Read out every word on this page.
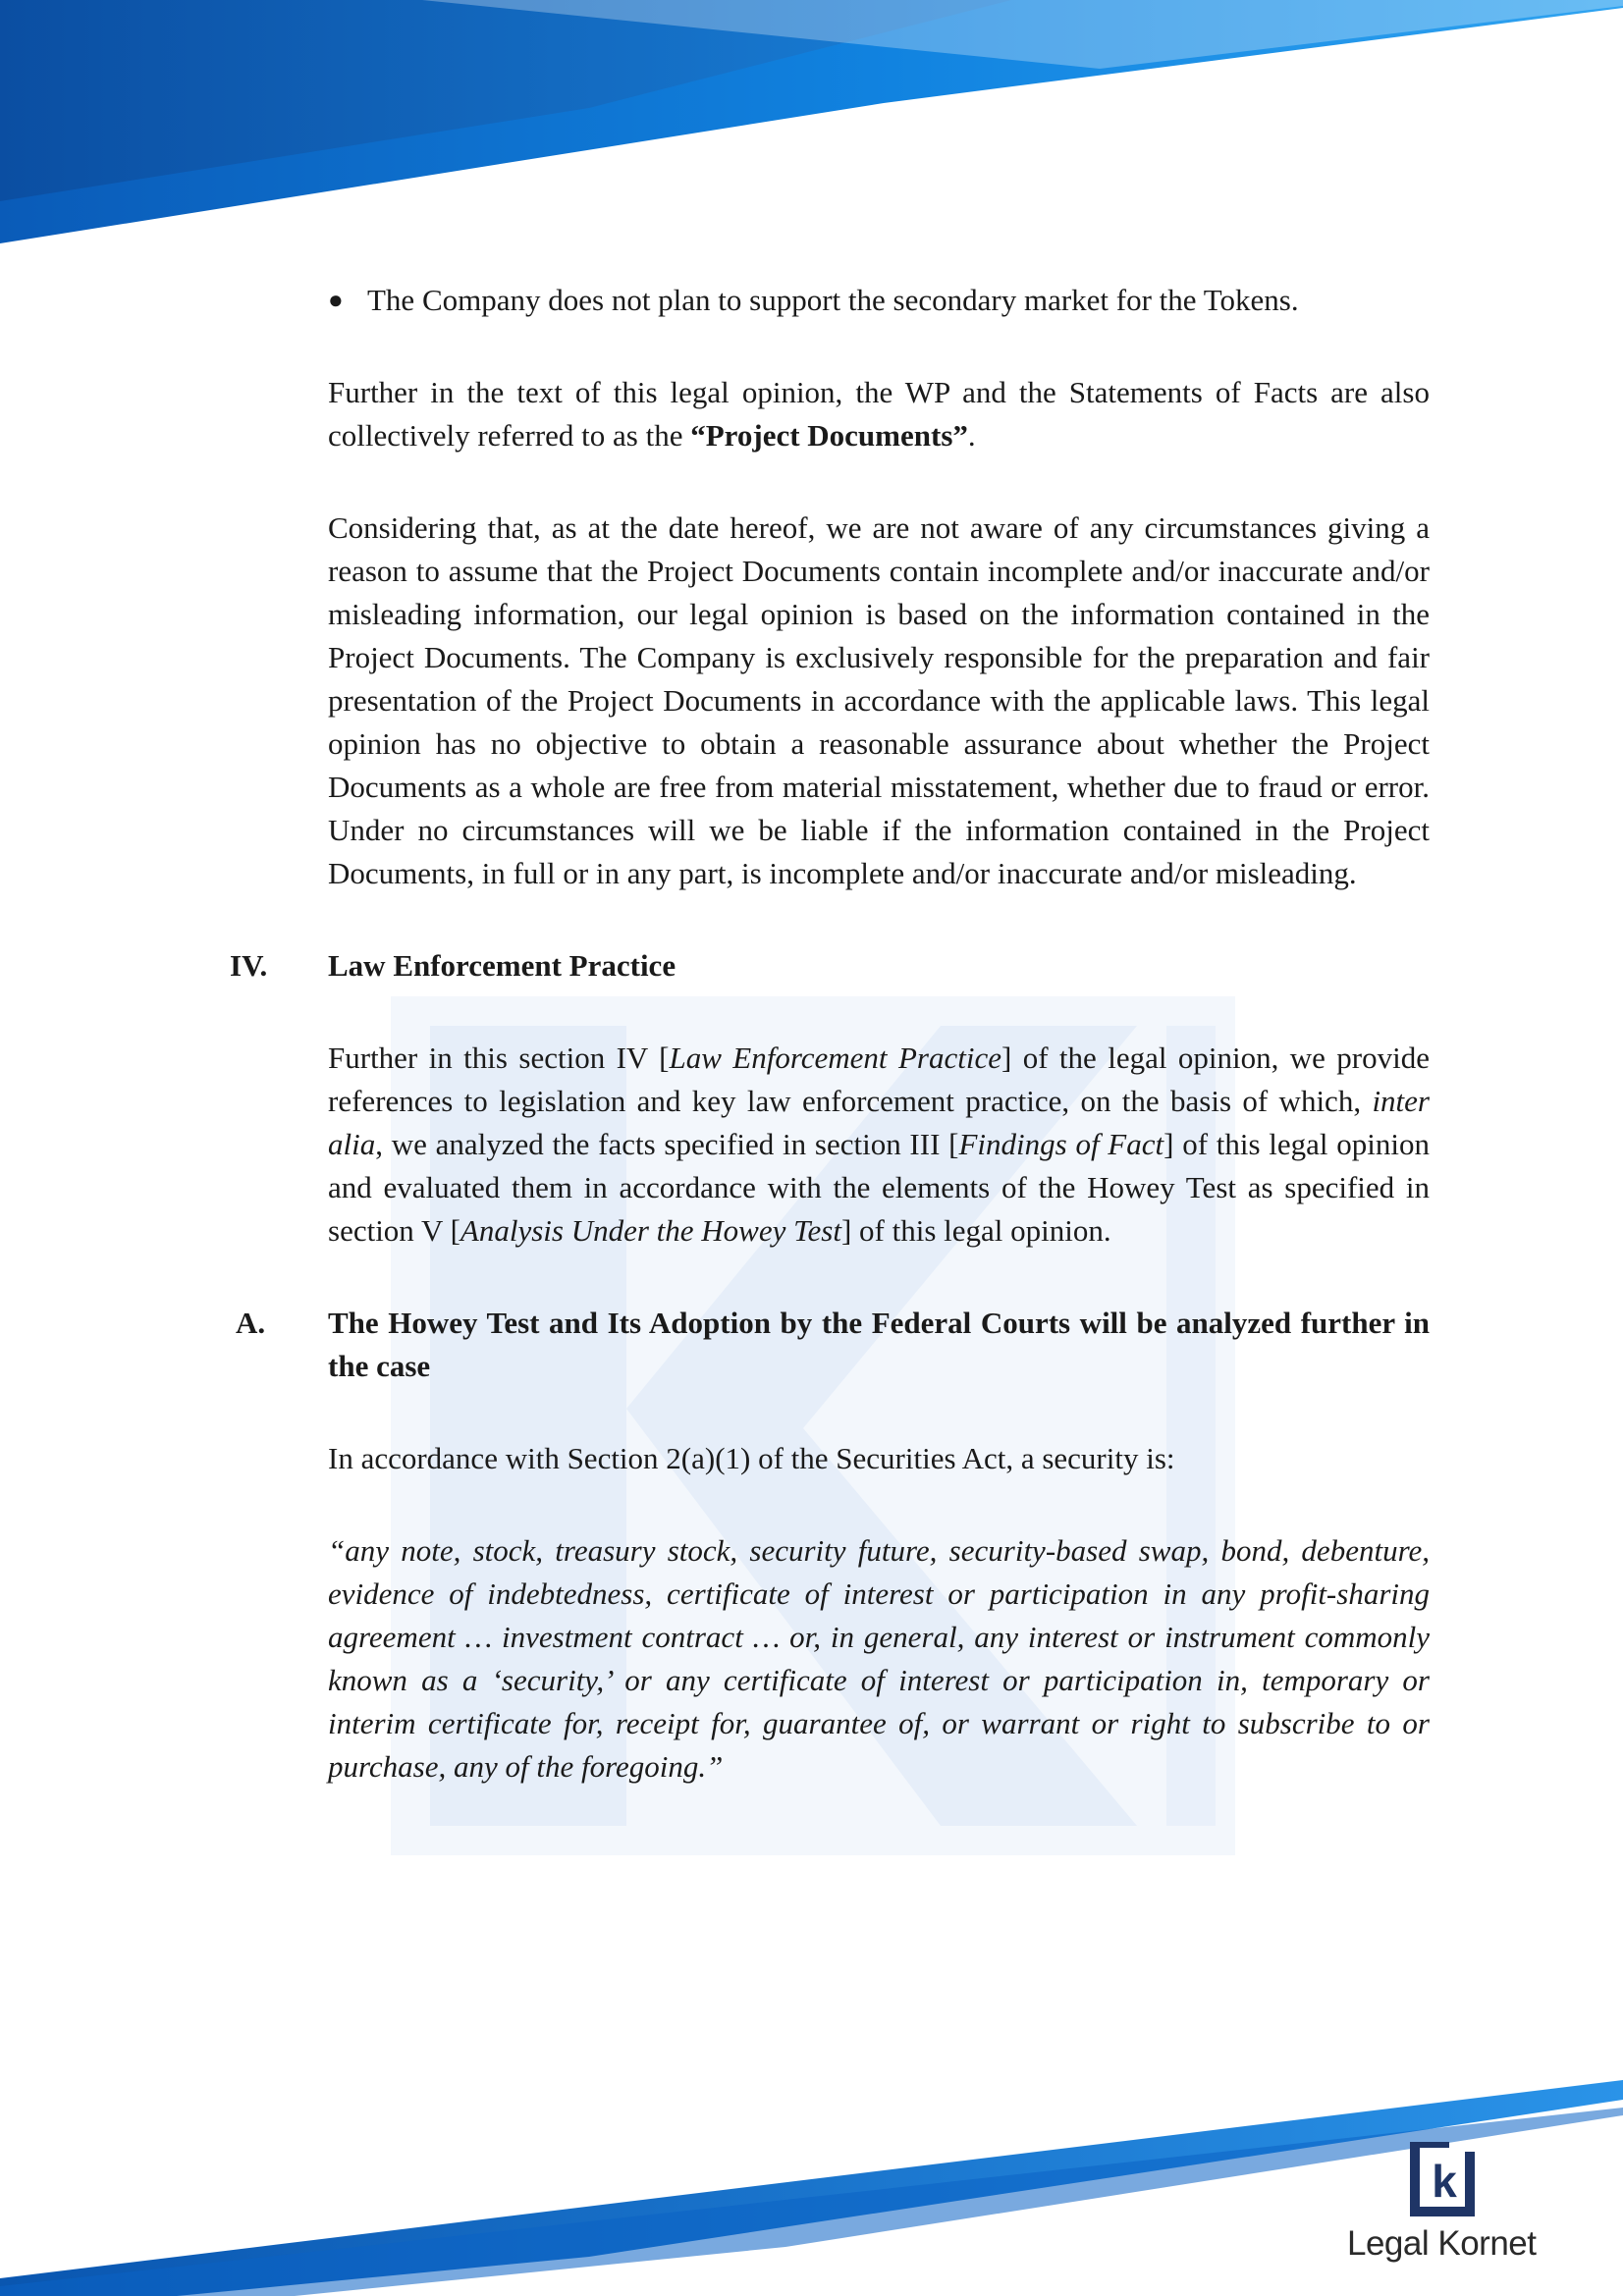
● The Company does not plan to support the secondary market for the Tokens.

Further in the text of this legal opinion, the WP and the Statements of Facts are also collectively referred to as the “Project Documents”.

Considering that, as at the date hereof, we are not aware of any circumstances giving a reason to assume that the Project Documents contain incomplete and/or inaccurate and/or misleading information, our legal opinion is based on the information contained in the Project Documents. The Company is exclusively responsible for the preparation and fair presentation of the Project Documents in accordance with the applicable laws. This legal opinion has no objective to obtain a reasonable assurance about whether the Project Documents as a whole are free from material misstatement, whether due to fraud or error. Under no circumstances will we be liable if the information contained in the Project Documents, in full or in any part, is incomplete and/or inaccurate and/or misleading.

IV. Law Enforcement Practice

Further in this section IV [Law Enforcement Practice] of the legal opinion, we provide references to legislation and key law enforcement practice, on the basis of which, inter alia, we analyzed the facts specified in section III [Findings of Fact] of this legal opinion and evaluated them in accordance with the elements of the Howey Test as specified in section V [Analysis Under the Howey Test] of this legal opinion.

A. The Howey Test and Its Adoption by the Federal Courts will be analyzed further in the case

In accordance with Section 2(a)(1) of the Securities Act, a security is:

“any note, stock, treasury stock, security future, security-based swap, bond, debenture, evidence of indebtedness, certificate of interest or participation in any profit-sharing agreement … investment contract … or, in general, any interest or instrument commonly known as a ‘security,’ or any certificate of interest or participation in, temporary or interim certificate for, receipt for, guarantee of, or warrant or right to subscribe to or purchase, any of the foregoing.”

k
Legal Kornet
